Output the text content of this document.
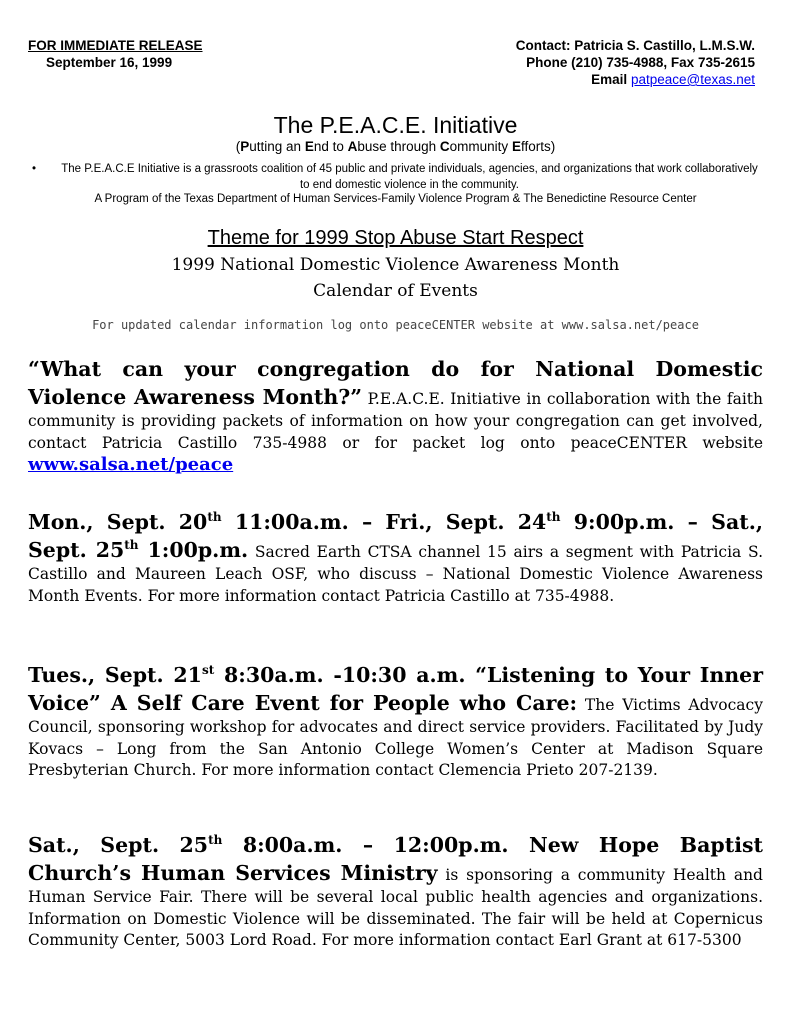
FOR IMMEDIATE RELEASE
September 16, 1999
Contact: Patricia S. Castillo, L.M.S.W.
Phone (210) 735-4988, Fax 735-2615
Email patpeace@texas.net
The P.E.A.C.E. Initiative
(Putting an End to Abuse through Community Efforts)
•	The P.E.A.C.E Initiative is a grassroots coalition of 45 public and private individuals, agencies, and organizations that work collaboratively to end domestic violence in the community.
A Program of the Texas Department of Human Services-Family Violence Program & The Benedictine Resource Center
Theme for 1999 Stop Abuse Start Respect
1999 National Domestic Violence Awareness Month
Calendar of Events
For updated calendar information log onto peaceCENTER website at www.salsa.net/peace
“What can your congregation do for National Domestic Violence Awareness Month?” P.E.A.C.E. Initiative in collaboration with the faith community is providing packets of information on how your congregation can get involved, contact Patricia Castillo 735-4988 or for packet log onto peaceCENTER website www.salsa.net/peace
Mon., Sept. 20th 11:00a.m. – Fri., Sept. 24th 9:00p.m. – Sat., Sept. 25th 1:00p.m. Sacred Earth CTSA channel 15 airs a segment with Patricia S. Castillo and Maureen Leach OSF, who discuss – National Domestic Violence Awareness Month Events. For more information contact Patricia Castillo at 735-4988.
Tues., Sept. 21st 8:30a.m. -10:30 a.m. “Listening to Your Inner Voice” A Self Care Event for People who Care: The Victims Advocacy Council, sponsoring workshop for advocates and direct service providers. Facilitated by Judy Kovacs – Long from the San Antonio College Women’s Center at Madison Square Presbyterian Church. For more information contact Clemencia Prieto 207-2139.
Sat., Sept. 25th 8:00a.m. – 12:00p.m. New Hope Baptist Church’s Human Services Ministry is sponsoring a community Health and Human Service Fair. There will be several local public health agencies and organizations. Information on Domestic Violence will be disseminated. The fair will be held at Copernicus Community Center, 5003 Lord Road. For more information contact Earl Grant at 617-5300
